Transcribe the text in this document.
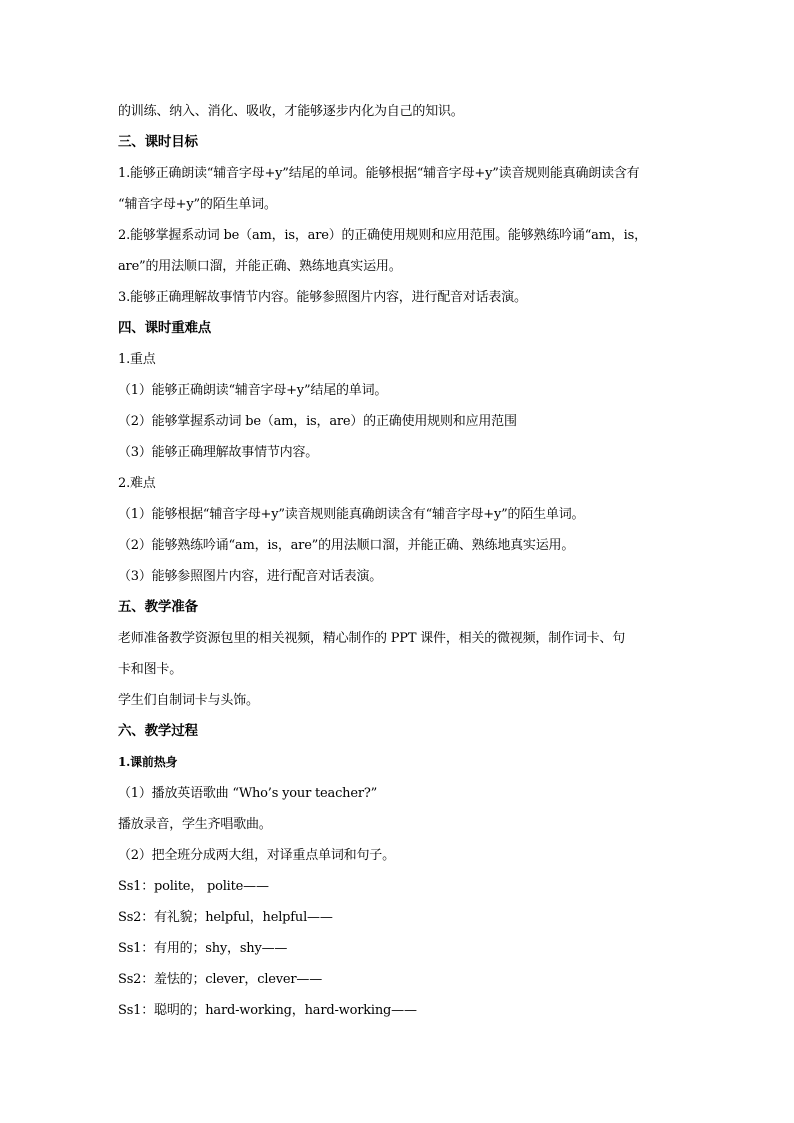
的训练、纳入、消化、吸收，才能够逐步内化为自己的知识。
三、课时目标
1.能够正确朗读“辅音字母+y”结尾的单词。能够根据“辅音字母+y”读音规则能真确朗读含有
“辅音字母+y”的陌生单词。
2.能够掌握系动词 be（am，is，are）的正确使用规则和应用范围。能够熟练吟诵“am，is，
are”的用法顺口溜，并能正确、熟练地真实运用。
3.能够正确理解故事情节内容。能够参照图片内容，进行配音对话表演。
四、课时重难点
1.重点
（1）能够正确朗读“辅音字母+y”结尾的单词。
（2）能够掌握系动词 be（am，is，are）的正确使用规则和应用范围
（3）能够正确理解故事情节内容。
2.难点
（1）能够根据“辅音字母+y”读音规则能真确朗读含有“辅音字母+y”的陌生单词。
（2）能够熟练吟诵“am，is，are”的用法顺口溜，并能正确、熟练地真实运用。
（3）能够参照图片内容，进行配音对话表演。
五、教学准备
老师准备教学资源包里的相关视频，精心制作的 PPT 课件，相关的微视频，制作词卡、句
卡和图卡。
学生们自制词卡与头饰。
六、教学过程
1.课前热身
（1）播放英语歌曲 “Who’s your teacher?”
播放录音，学生齐唱歌曲。
（2）把全班分成两大组，对译重点单词和句子。
Ss1：polite， polite——
Ss2：有礼貌；helpful，helpful——
Ss1：有用的；shy，shy——
Ss2：羞怯的；clever，clever——
Ss1：聪明的；hard-working，hard-working——
